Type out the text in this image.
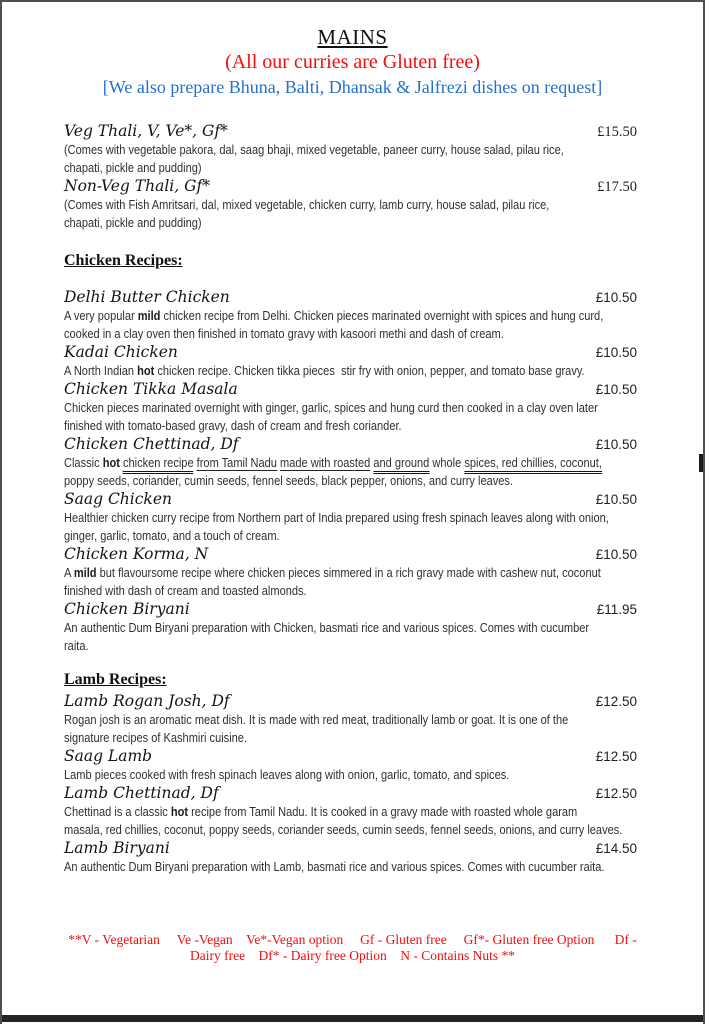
MAINS
(All our curries are Gluten free)
[We also prepare Bhuna, Balti, Dhansak & Jalfrezi dishes on request]
Veg Thali, V, Ve*, Gf*	£15.50
(Comes with vegetable pakora, dal, saag bhaji, mixed vegetable, paneer curry, house salad, pilau rice,
chapati, pickle and pudding)
Non-Veg Thali, Gf*	£17.50
(Comes with Fish Amritsari, dal, mixed vegetable, chicken curry, lamb curry, house salad, pilau rice,
chapati, pickle and pudding)
Chicken Recipes:
Delhi Butter Chicken	£10.50
A very popular mild chicken recipe from Delhi. Chicken pieces marinated overnight with spices and hung curd,
cooked in a clay oven then finished in tomato gravy with kasoori methi and dash of cream.
Kadai Chicken	£10.50
A North Indian hot chicken recipe. Chicken tikka pieces  stir fry with onion, pepper, and tomato base gravy.
Chicken Tikka Masala	£10.50
Chicken pieces marinated overnight with ginger, garlic, spices and hung curd then cooked in a clay oven later
finished with tomato-based gravy, dash of cream and fresh coriander.
Chicken Chettinad, Df	£10.50
Classic hot chicken recipe from Tamil Nadu made with roasted and ground whole spices, red chillies, coconut,
poppy seeds, coriander, cumin seeds, fennel seeds, black pepper, onions, and curry leaves.
Saag Chicken	£10.50
Healthier chicken curry recipe from Northern part of India prepared using fresh spinach leaves along with onion,
ginger, garlic, tomato, and a touch of cream.
Chicken Korma, N	£10.50
A mild but flavoursome recipe where chicken pieces simmered in a rich gravy made with cashew nut, coconut
finished with dash of cream and toasted almonds.
Chicken Biryani	£11.95
An authentic Dum Biryani preparation with Chicken, basmati rice and various spices. Comes with cucumber
raita.
Lamb Recipes:
Lamb Rogan Josh, Df	£12.50
Rogan josh is an aromatic meat dish. It is made with red meat, traditionally lamb or goat. It is one of the
signature recipes of Kashmiri cuisine.
Saag Lamb	£12.50
Lamb pieces cooked with fresh spinach leaves along with onion, garlic, tomato, and spices.
Lamb Chettinad, Df	£12.50
Chettinad is a classic hot recipe from Tamil Nadu. It is cooked in a gravy made with roasted whole garam
masala, red chillies, coconut, poppy seeds, coriander seeds, cumin seeds, fennel seeds, onions, and curry leaves.
Lamb Biryani	£14.50
An authentic Dum Biryani preparation with Lamb, basmati rice and various spices. Comes with cucumber raita.
**V - Vegetarian     Ve -Vegan    Ve*-Vegan option     Gf - Gluten free     Gf*- Gluten free Option      Df -
Dairy free    Df* - Dairy free Option    N - Contains Nuts **
